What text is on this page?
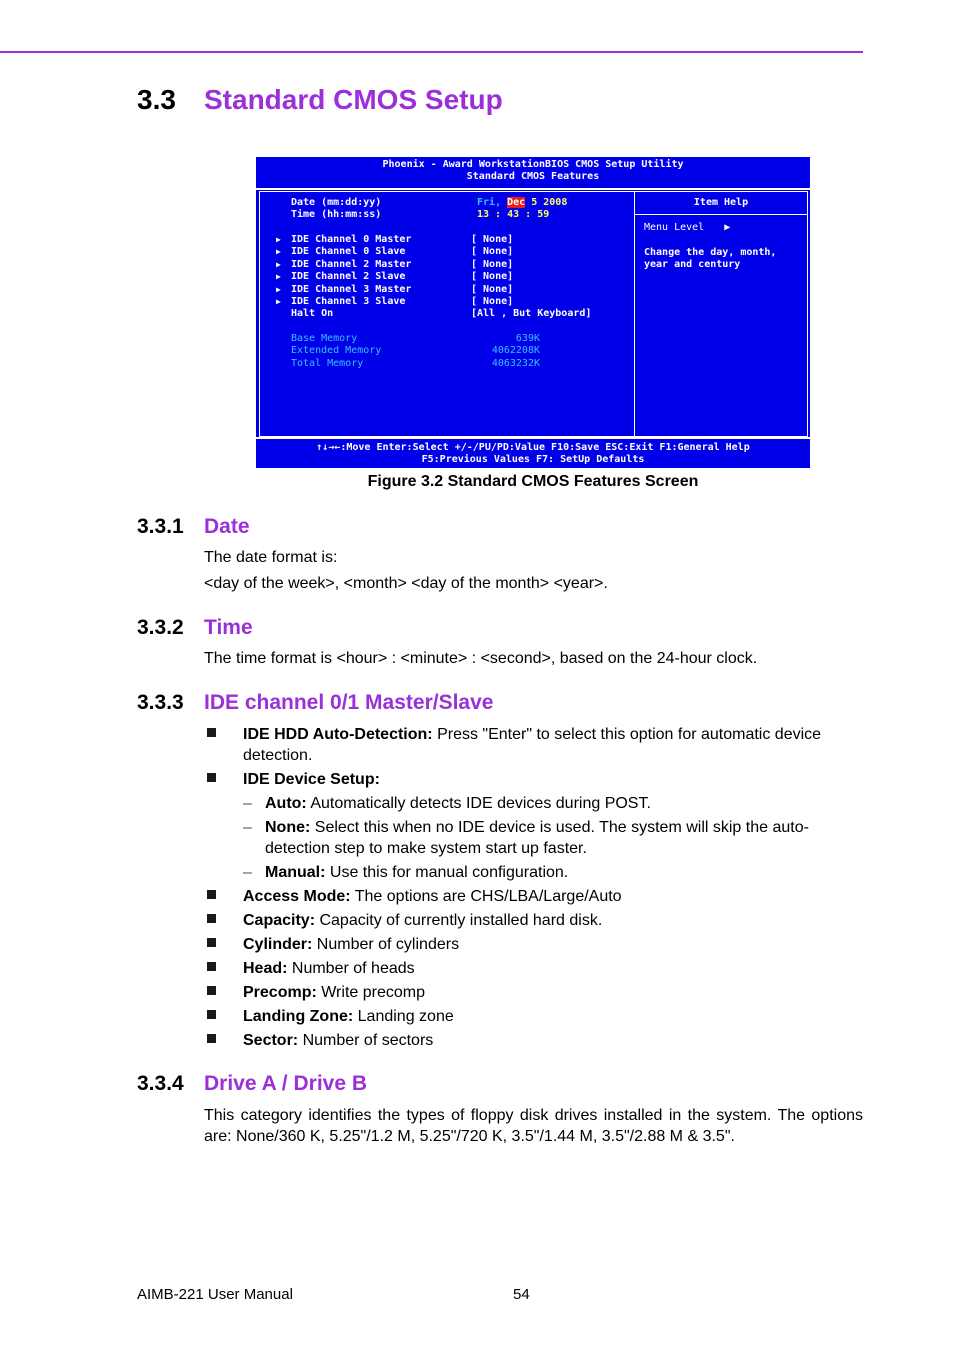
3.3 Standard CMOS Setup
Phoenix - Award WorkstationBIOS CMOS Setup Utility
Standard CMOS Features
Date (mm:dd:yy)	Fri, Dec 5 2008
Time (hh:mm:ss)	13 : 43 : 59
▶ IDE Channel 0 Master	[ None]
▶ IDE Channel 0 Slave	[ None]
▶ IDE Channel 2 Master	[ None]
▶ IDE Channel 2 Slave	[ None]
▶ IDE Channel 3 Master	[ None]
▶ IDE Channel 3 Slave	[ None]
Halt On	[All , But Keyboard]
Base Memory	639K
Extended Memory	4062208K
Total Memory	4063232K
Item Help
Menu Level ▶
Change the day, month,
year and century
↑↓→←:Move Enter:Select +/-/PU/PD:Value F10:Save ESC:Exit F1:General Help
F5:Previous Values F7: SetUp Defaults
Figure 3.2 Standard CMOS Features Screen
3.3.1 Date
The date format is:
<day of the week>, <month> <day of the month> <year>.
3.3.2 Time
The time format is <hour> : <minute> : <second>, based on the 24-hour clock.
3.3.3 IDE channel 0/1 Master/Slave
IDE HDD Auto-Detection: Press "Enter" to select this option for automatic device detection.
IDE Device Setup:
– Auto: Automatically detects IDE devices during POST.
– None: Select this when no IDE device is used. The system will skip the auto-detection step to make system start up faster.
– Manual: Use this for manual configuration.
Access Mode: The options are CHS/LBA/Large/Auto
Capacity: Capacity of currently installed hard disk.
Cylinder: Number of cylinders
Head: Number of heads
Precomp: Write precomp
Landing Zone: Landing zone
Sector: Number of sectors
3.3.4 Drive A / Drive B
This category identifies the types of floppy disk drives installed in the system. The options are: None/360 K, 5.25"/1.2 M, 5.25"/720 K, 3.5"/1.44 M, 3.5"/2.88 M & 3.5".
AIMB-221 User Manual	54
